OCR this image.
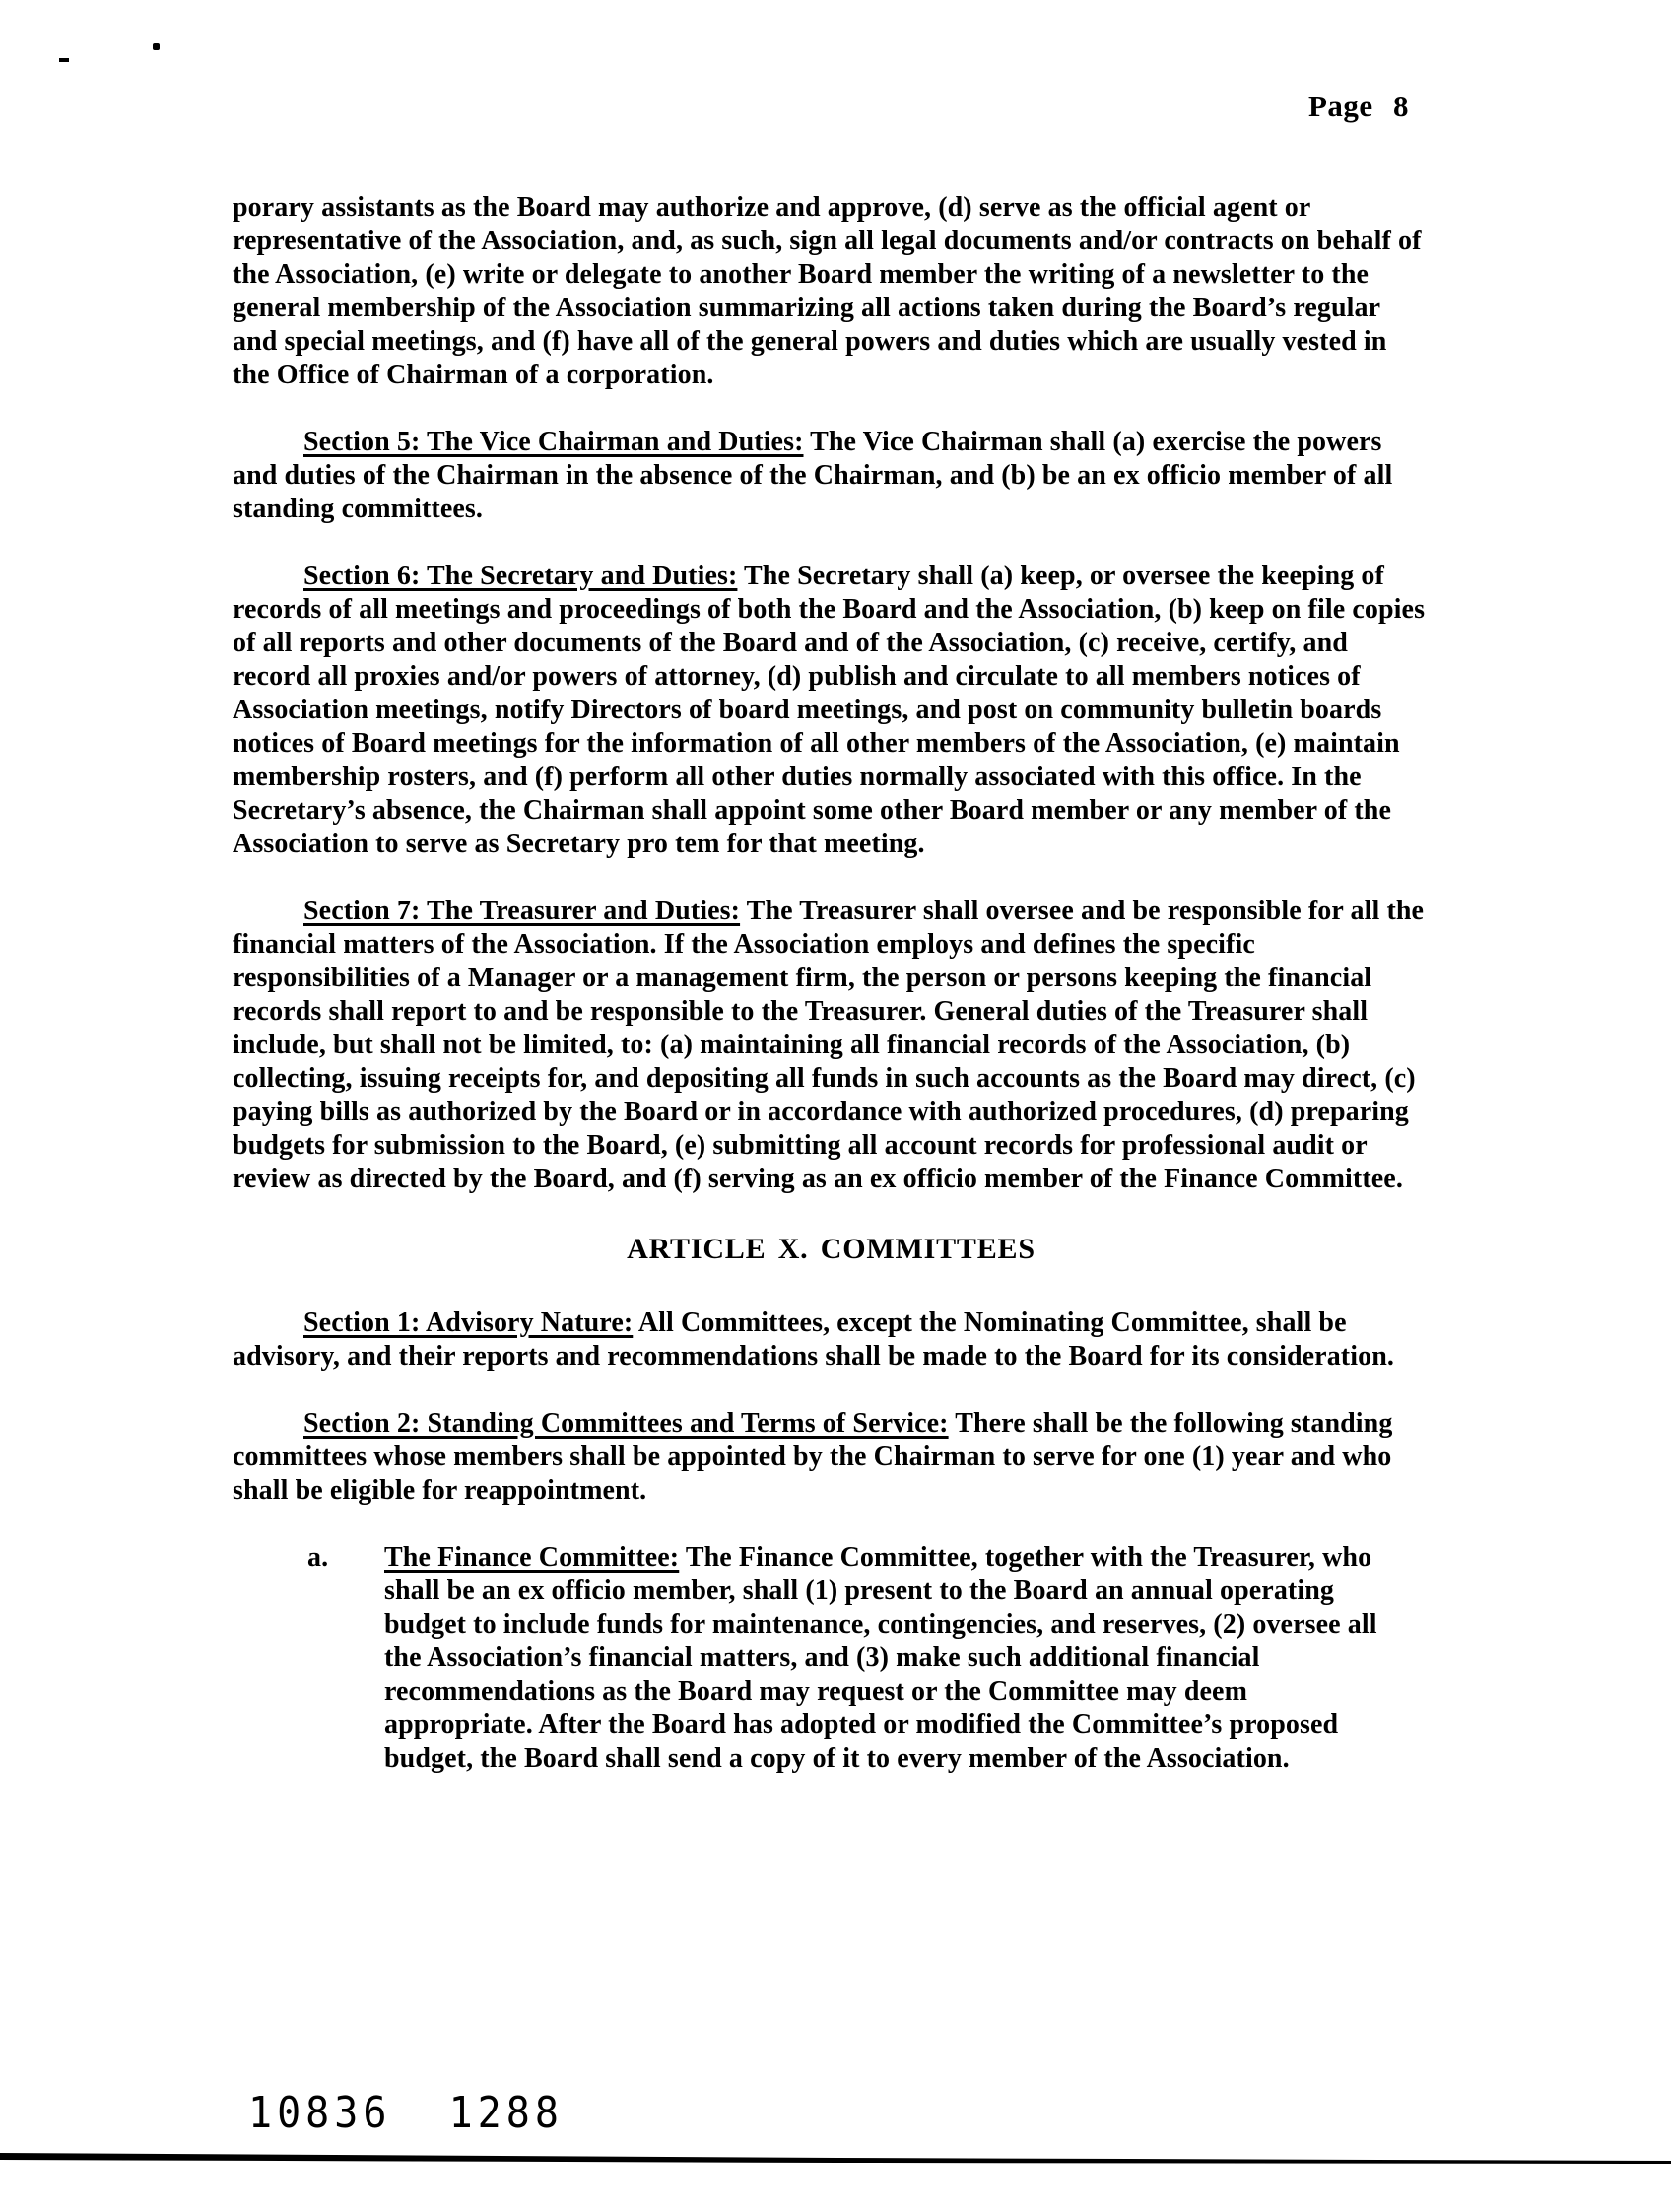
Page 8

porary assistants as the Board may authorize and approve, (d) serve as the official agent or representative of the Association, and, as such, sign all legal documents and/or contracts on behalf of the Association, (e) write or delegate to another Board member the writing of a newsletter to the general membership of the Association summarizing all actions taken during the Board’s regular and special meetings, and (f) have all of the general powers and duties which are usually vested in the Office of Chairman of a corporation.

Section 5: The Vice Chairman and Duties: The Vice Chairman shall (a) exercise the powers and duties of the Chairman in the absence of the Chairman, and (b) be an ex officio member of all standing committees.

Section 6: The Secretary and Duties: The Secretary shall (a) keep, or oversee the keeping of records of all meetings and proceedings of both the Board and the Association, (b) keep on file copies of all reports and other documents of the Board and of the Association, (c) receive, certify, and record all proxies and/or powers of attorney, (d) publish and circulate to all members notices of Association meetings, notify Directors of board meetings, and post on community bulletin boards notices of Board meetings for the information of all other members of the Association, (e) maintain membership rosters, and (f) perform all other duties normally associated with this office. In the Secretary’s absence, the Chairman shall appoint some other Board member or any member of the Association to serve as Secretary pro tem for that meeting.

Section 7: The Treasurer and Duties: The Treasurer shall oversee and be responsible for all the financial matters of the Association. If the Association employs and defines the specific responsibilities of a Manager or a management firm, the person or persons keeping the financial records shall report to and be responsible to the Treasurer. General duties of the Treasurer shall include, but shall not be limited, to: (a) maintaining all financial records of the Association, (b) collecting, issuing receipts for, and depositing all funds in such accounts as the Board may direct, (c) paying bills as authorized by the Board or in accordance with authorized procedures, (d) preparing budgets for submission to the Board, (e) submitting all account records for professional audit or review as directed by the Board, and (f) serving as an ex officio member of the Finance Committee.

ARTICLE X. COMMITTEES

Section 1: Advisory Nature: All Committees, except the Nominating Committee, shall be advisory, and their reports and recommendations shall be made to the Board for its consideration.

Section 2: Standing Committees and Terms of Service: There shall be the following standing committees whose members shall be appointed by the Chairman to serve for one (1) year and who shall be eligible for reappointment.

a.	The Finance Committee: The Finance Committee, together with the Treasurer, who shall be an ex officio member, shall (1) present to the Board an annual operating budget to include funds for maintenance, contingencies, and reserves, (2) oversee all the Association’s financial matters, and (3) make such additional financial recommendations as the Board may request or the Committee may deem appropriate. After the Board has adopted or modified the Committee’s proposed budget, the Board shall send a copy of it to every member of the Association.
10836  1288
